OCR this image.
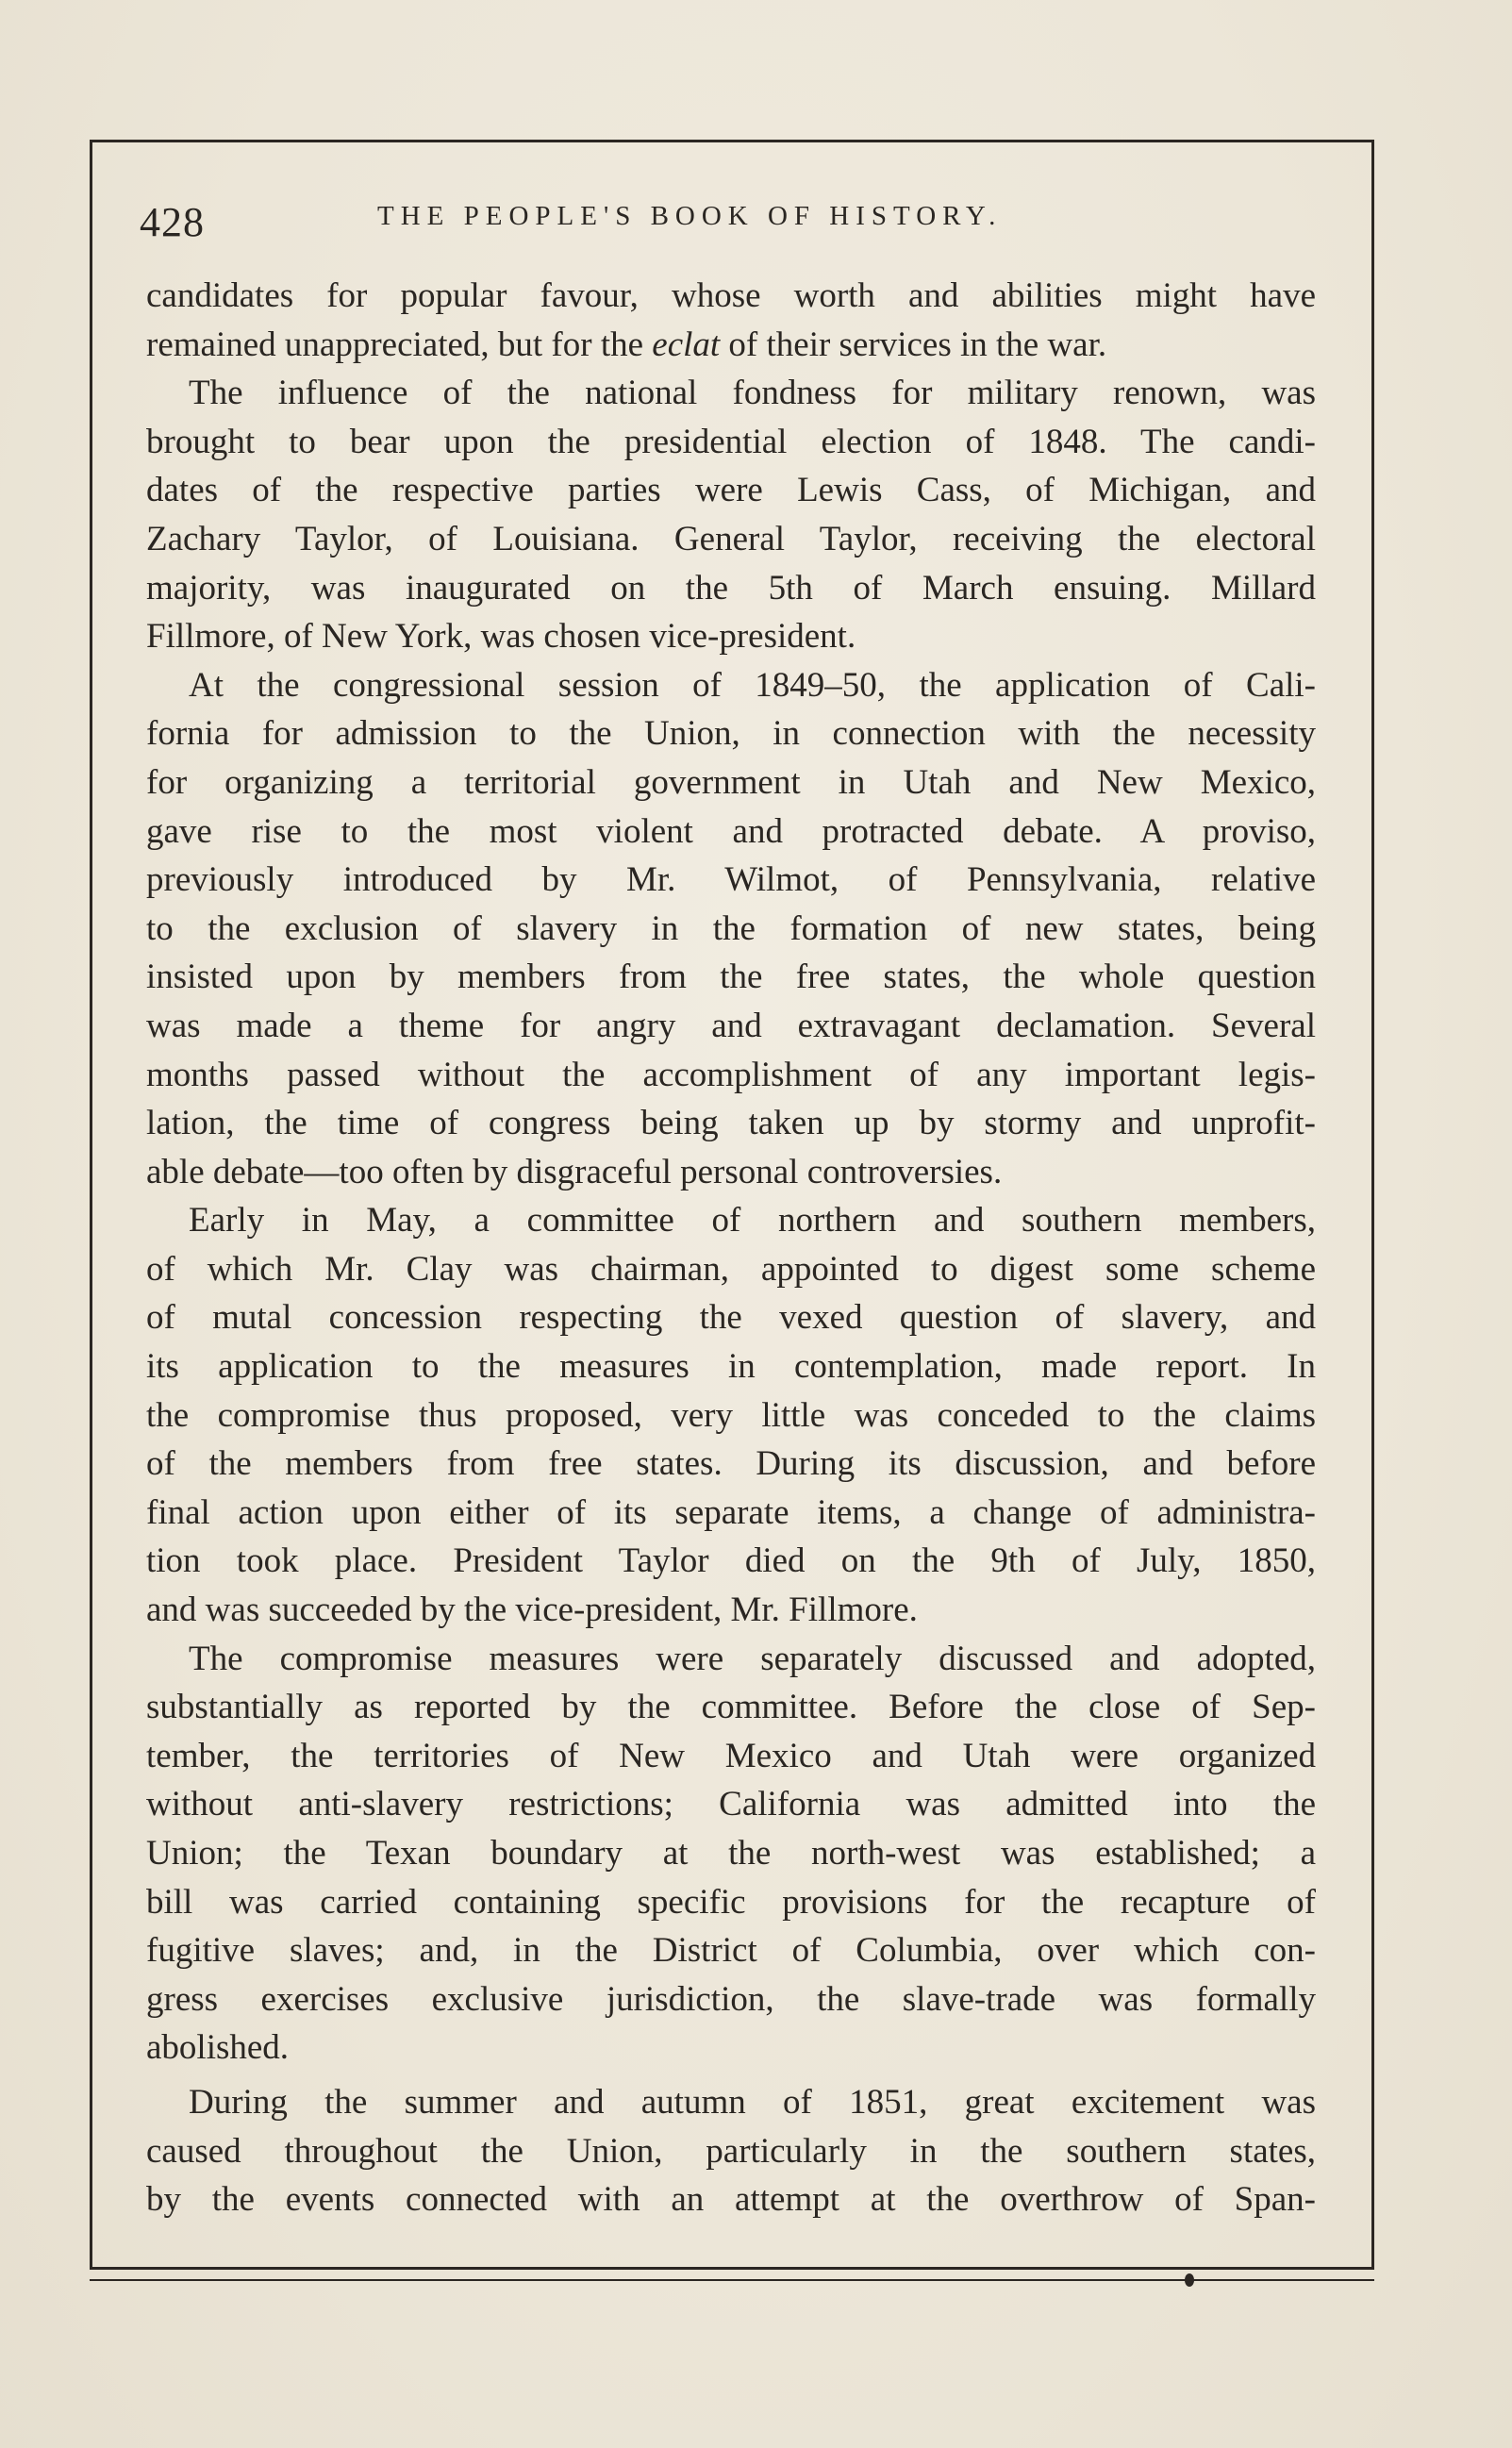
428	THE PEOPLE'S BOOK OF HISTORY.
candidates for popular favour, whose worth and abilities might have
remained unappreciated, but for the eclat of their services in the war.
The influence of the national fondness for military renown, was
brought to bear upon the presidential election of 1848. The candi-
dates of the respective parties were Lewis Cass, of Michigan, and
Zachary Taylor, of Louisiana. General Taylor, receiving the electoral
majority, was inaugurated on the 5th of March ensuing. Millard
Fillmore, of New York, was chosen vice-president.
At the congressional session of 1849–50, the application of Cali-
fornia for admission to the Union, in connection with the necessity
for organizing a territorial government in Utah and New Mexico,
gave rise to the most violent and protracted debate. A proviso,
previously introduced by Mr. Wilmot, of Pennsylvania, relative
to the exclusion of slavery in the formation of new states, being
insisted upon by members from the free states, the whole question
was made a theme for angry and extravagant declamation. Several
months passed without the accomplishment of any important legis-
lation, the time of congress being taken up by stormy and unprofit-
able debate—too often by disgraceful personal controversies.
Early in May, a committee of northern and southern members,
of which Mr. Clay was chairman, appointed to digest some scheme
of mutal concession respecting the vexed question of slavery, and
its application to the measures in contemplation, made report. In
the compromise thus proposed, very little was conceded to the claims
of the members from free states. During its discussion, and before
final action upon either of its separate items, a change of administra-
tion took place. President Taylor died on the 9th of July, 1850,
and was succeeded by the vice-president, Mr. Fillmore.
The compromise measures were separately discussed and adopted,
substantially as reported by the committee. Before the close of Sep-
tember, the territories of New Mexico and Utah were organized
without anti-slavery restrictions; California was admitted into the
Union; the Texan boundary at the north-west was established; a
bill was carried containing specific provisions for the recapture of
fugitive slaves; and, in the District of Columbia, over which con-
gress exercises exclusive jurisdiction, the slave-trade was formally
abolished.
During the summer and autumn of 1851, great excitement was
caused throughout the Union, particularly in the southern states,
by the events connected with an attempt at the overthrow of Span-
